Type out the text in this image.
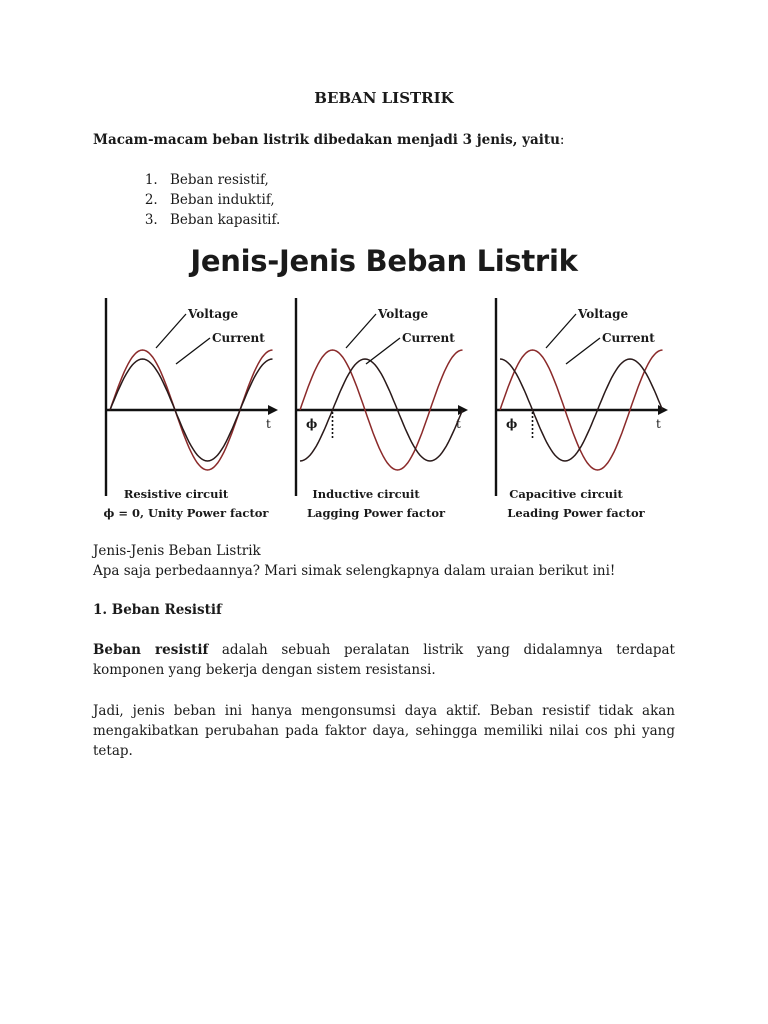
BEBAN LISTRIK
Macam-macam beban listrik dibedakan menjadi 3 jenis, yaitu:
1. Beban resistif,
2. Beban induktif,
3. Beban kapasitif.
Jenis-Jenis Beban Listrik
t
Voltage
Current
Resistive circuit
ϕ = 0, Unity Power factor
t
ϕ
Voltage
Current
Inductive circuit
Lagging Power factor
t
ϕ
Voltage
Current
Capacitive circuit
Leading Power factor
Jenis-Jenis Beban Listrik
Apa saja perbedaannya? Mari simak selengkapnya dalam uraian berikut ini!
1. Beban Resistif

Beban resistif adalah sebuah peralatan listrik yang didalamnya terdapat komponen yang bekerja dengan sistem resistansi.

Jadi, jenis beban ini hanya mengonsumsi daya aktif. Beban resistif tidak akan mengakibatkan perubahan pada faktor daya, sehingga memiliki nilai cos phi yang tetap.
